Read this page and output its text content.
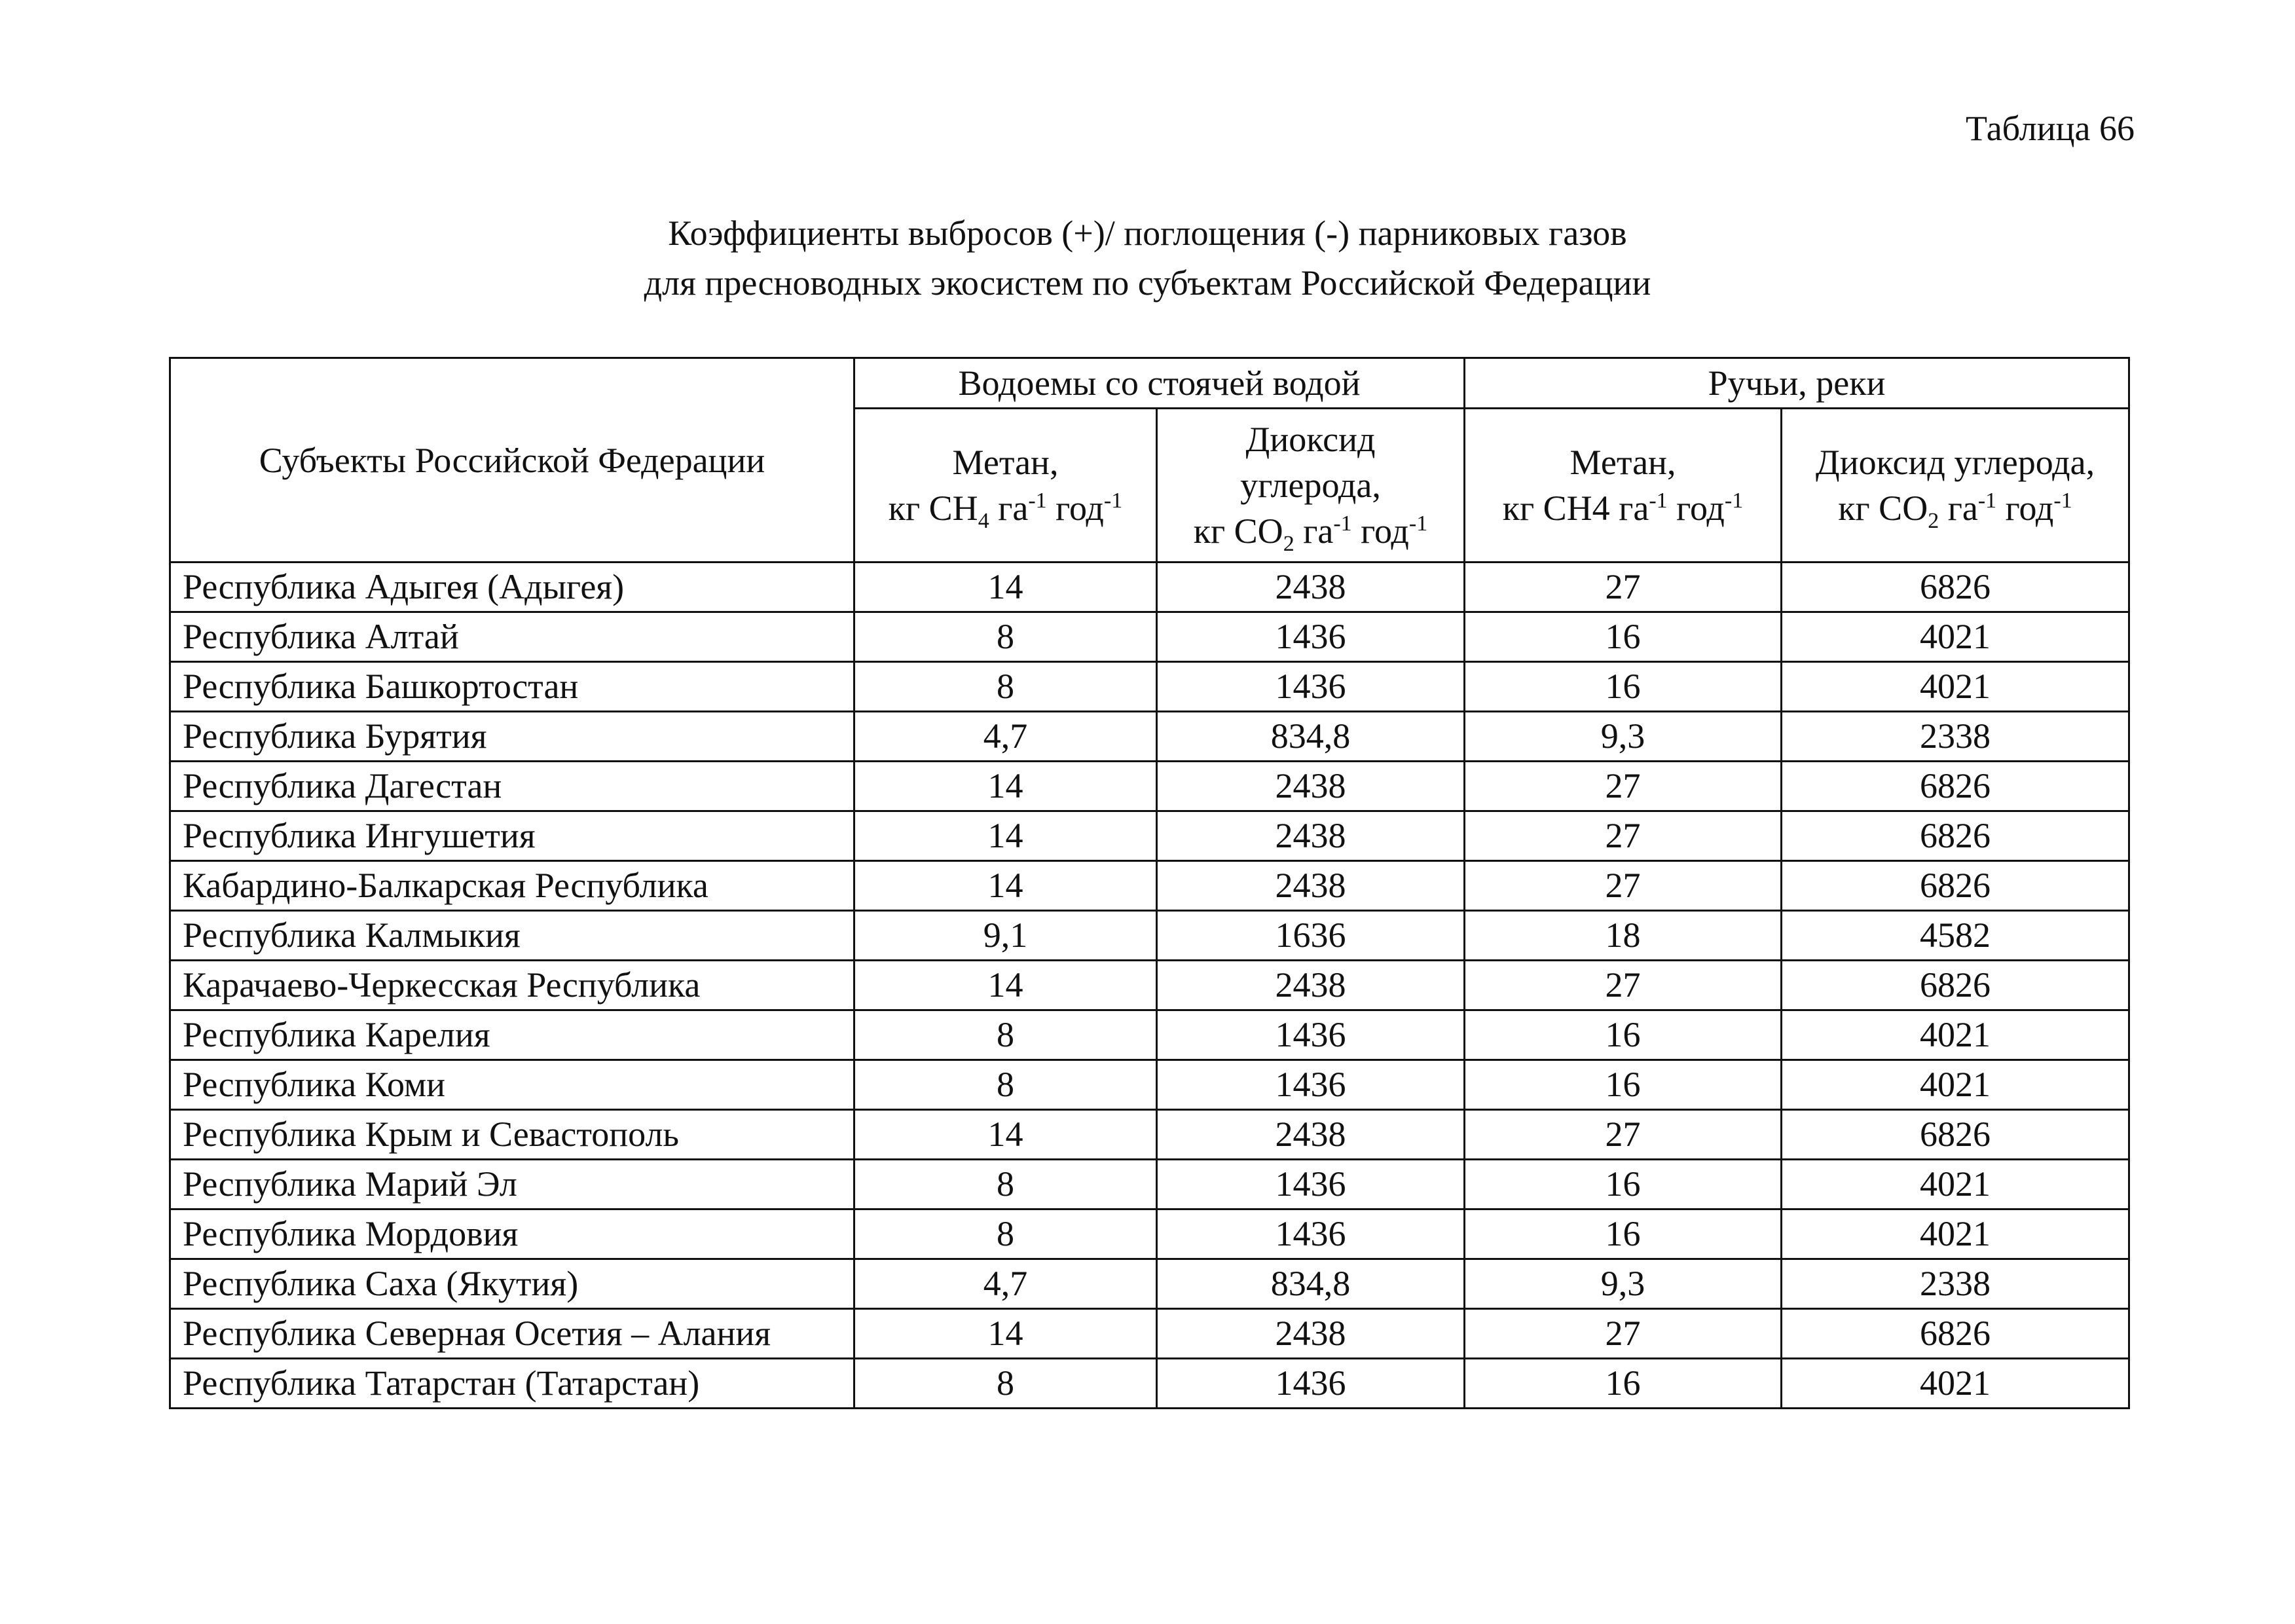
Таблица 66
Коэффициенты выбросов (+)/ поглощения (-) парниковых газов
для пресноводных экосистем по субъектам Российской Федерации
Субъекты Российской Федерации	Водоемы со стоячей водой		Ручьи, реки	
	Метан,
кг $CH_4$ $га^{-1}$ год$^{-1}$	Диоксид
углерода,
кг $CO_2$ $га^{-1}$ год$^{-1}$	Метан,
кг CH4 $га^{-1}$ год$^{-1}$	Диоксид углерода,
кг $CO_2$ $га^{-1}$ год$^{-1}$
Республика Адыгея (Адыгея)	14	2438	27	6826
Республика Алтай	8	1436	16	4021
Республика Башкортостан	8	1436	16	4021
Республика Бурятия	4,7	834,8	9,3	2338
Республика Дагестан	14	2438	27	6826
Республика Ингушетия	14	2438	27	6826
Кабардино-Балкарская Республика	14	2438	27	6826
Республика Калмыкия	9,1	1636	18	4582
Карачаево-Черкесская Республика	14	2438	27	6826
Республика Карелия	8	1436	16	4021
Республика Коми	8	1436	16	4021
Республика Крым и Севастополь	14	2438	27	6826
Республика Марий Эл	8	1436	16	4021
Республика Мордовия	8	1436	16	4021
Республика Саха (Якутия)	4,7	834,8	9,3	2338
Республика Северная Осетия – Алания	14	2438	27	6826
Республика Татарстан (Татарстан)	8	1436	16	4021
